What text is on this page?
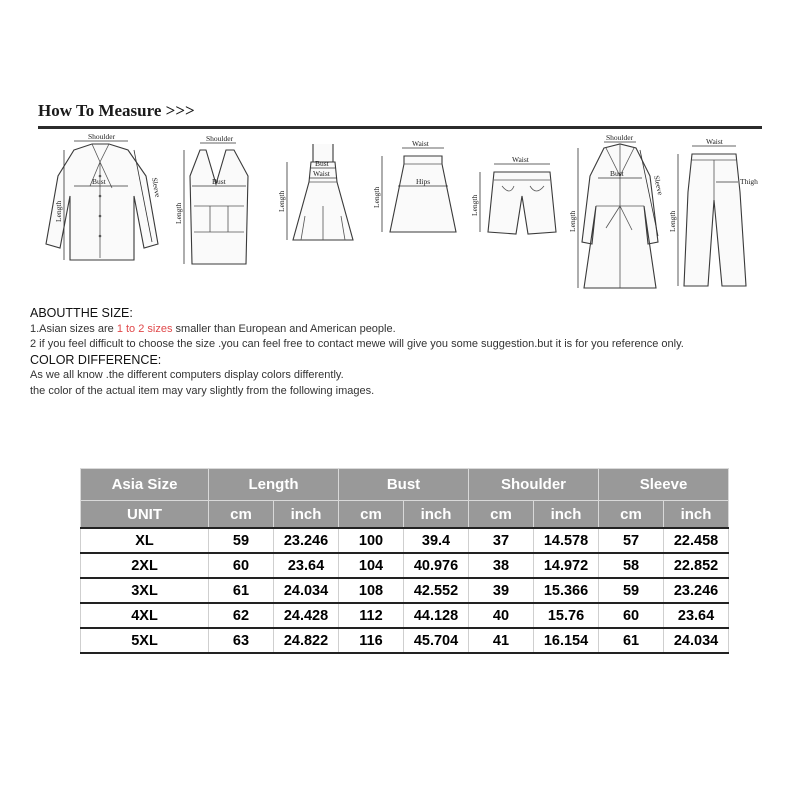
How To Measure >>>
Shoulder
Bust
Length
Sleeve
Shoulder
Bust
Length
Bust
Waist
Length
Waist
Hips
Length
Waist
Length
Shoulder
Bust
Length
Sleeve
Waist
Thigh
Length
ABOUTTHE SIZE:
1.Asian sizes are 1 to 2 sizes smaller than European and American people.
2 if you feel difficult to choose the size .you can feel free to contact mewe will give you some suggestion.but it is for you reference only.
COLOR DIFFERENCE:
As we all know .the different computers display colors differently.
the color of the actual item may vary slightly from the following images.
Asia Size	Length		Bust		Shoulder		Sleeve	
UNIT	cm	inch	cm	inch	cm	inch	cm	inch
XL	59	23.246	100	39.4	37	14.578	57	22.458
2XL	60	23.64	104	40.976	38	14.972	58	22.852
3XL	61	24.034	108	42.552	39	15.366	59	23.246
4XL	62	24.428	112	44.128	40	15.76	60	23.64
5XL	63	24.822	116	45.704	41	16.154	61	24.034
